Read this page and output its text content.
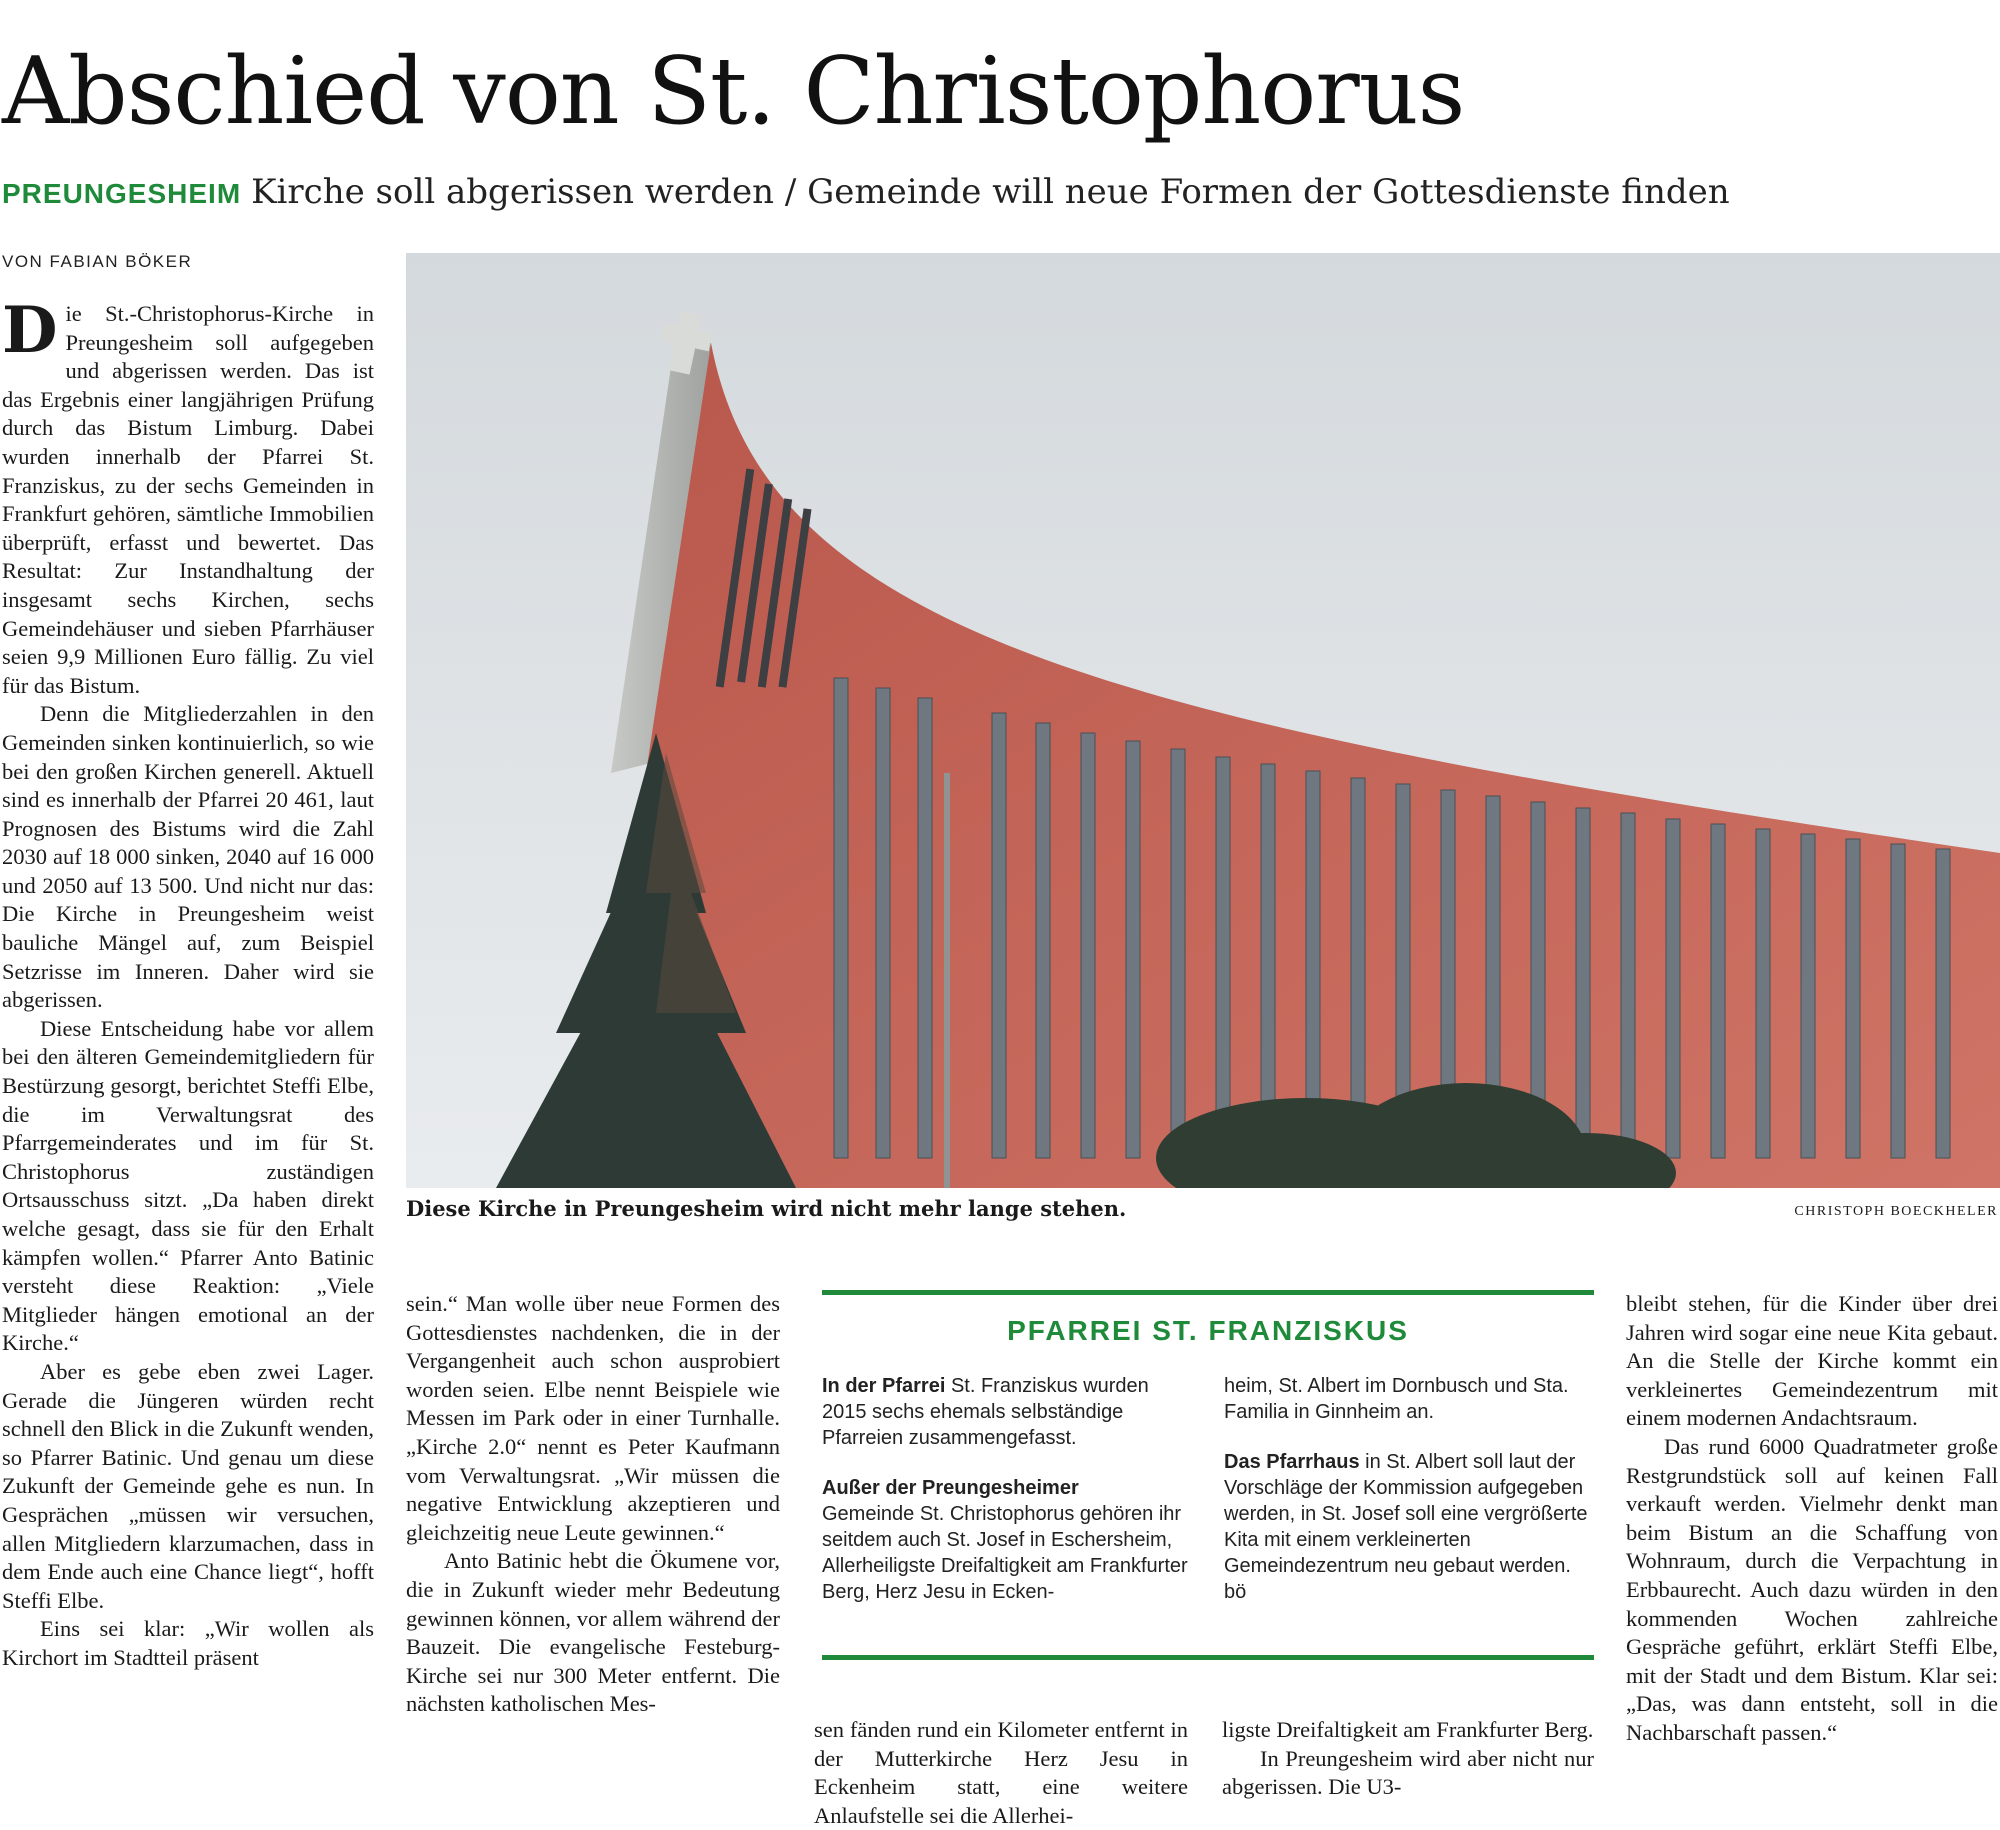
Abschied von St. Christophorus
PREUNGESHEIM Kirche soll abgerissen werden / Gemeinde will neue Formen der Gottesdienste finden
VON FABIAN BÖKER

Die St.-Christophorus-Kirche in Preungesheim soll aufgegeben und abgerissen werden. Das ist das Ergebnis einer langjährigen Prüfung durch das Bistum Limburg. Dabei wurden innerhalb der Pfarrei St. Franziskus, zu der sechs Gemeinden in Frankfurt gehören, sämtliche Immobilien überprüft, erfasst und bewertet. Das Resultat: Zur Instandhaltung der insgesamt sechs Kirchen, sechs Gemeindehäuser und sieben Pfarrhäuser seien 9,9 Millionen Euro fällig. Zu viel für das Bistum.

Denn die Mitgliederzahlen in den Gemeinden sinken kontinuierlich, so wie bei den großen Kirchen generell. Aktuell sind es innerhalb der Pfarrei 20 461, laut Prognosen des Bistums wird die Zahl 2030 auf 18 000 sinken, 2040 auf 16 000 und 2050 auf 13 500. Und nicht nur das: Die Kirche in Preungesheim weist bauliche Mängel auf, zum Beispiel Setzrisse im Inneren. Daher wird sie abgerissen.

Diese Entscheidung habe vor allem bei den älteren Gemeindemitgliedern für Bestürzung gesorgt, berichtet Steffi Elbe, die im Verwaltungsrat des Pfarrgemeinderates und im für St. Christophorus zuständigen Ortsausschuss sitzt. „Da haben direkt welche gesagt, dass sie für den Erhalt kämpfen wollen.“ Pfarrer Anto Batinic versteht diese Reaktion: „Viele Mitglieder hängen emotional an der Kirche.“

Aber es gebe eben zwei Lager. Gerade die Jüngeren würden recht schnell den Blick in die Zukunft wenden, so Pfarrer Batinic. Und genau um diese Zukunft der Gemeinde gehe es nun. In Gesprächen „müssen wir versuchen, allen Mitgliedern klarzumachen, dass in dem Ende auch eine Chance liegt“, hofft Steffi Elbe.

Eins sei klar: „Wir wollen als Kirchort im Stadtteil präsent

Diese Kirche in Preungesheim wird nicht mehr lange stehen.	CHRISTOPH BOECKHELER

sein.“ Man wolle über neue Formen des Gottesdienstes nachdenken, die in der Vergangenheit auch schon ausprobiert worden seien. Elbe nennt Beispiele wie Messen im Park oder in einer Turnhalle. „Kirche 2.0“ nennt es Peter Kaufmann vom Verwaltungsrat. „Wir müssen die negative Entwicklung akzeptieren und gleichzeitig neue Leute gewinnen.“

Anto Batinic hebt die Ökumene vor, die in Zukunft wieder mehr Bedeutung gewinnen können, vor allem während der Bauzeit. Die evangelische Festeburg-Kirche sei nur 300 Meter entfernt. Die nächsten katholischen Mes-

PFARREI ST. FRANZISKUS

In der Pfarrei St. Franziskus wurden 2015 sechs ehemals selbständige Pfarreien zusammengefasst.

Außer der Preungesheimer
Gemeinde St. Christophorus gehören ihr seitdem auch St. Josef in Eschersheim, Allerheiligste Dreifaltigkeit am Frankfurter Berg, Herz Jesu in Ecken-

heim, St. Albert im Dornbusch und Sta. Familia in Ginnheim an.

Das Pfarrhaus in St. Albert soll laut der Vorschläge der Kommission aufgegeben werden, in St. Josef soll eine vergrößerte Kita mit einem verkleinerten Gemeindezentrum neu gebaut werden. bö

sen fänden rund ein Kilometer entfernt in der Mutterkirche Herz Jesu in Eckenheim statt, eine weitere Anlaufstelle sei die Allerhei-

ligste Dreifaltigkeit am Frankfurter Berg.

In Preungesheim wird aber nicht nur abgerissen. Die U3-

bleibt stehen, für die Kinder über drei Jahren wird sogar eine neue Kita gebaut. An die Stelle der Kirche kommt ein verkleinertes Gemeindezentrum mit einem modernen Andachtsraum.

Das rund 6000 Quadratmeter große Restgrundstück soll auf keinen Fall verkauft werden. Vielmehr denkt man beim Bistum an die Schaffung von Wohnraum, durch die Verpachtung in Erbbaurecht. Auch dazu würden in den kommenden Wochen zahlreiche Gespräche geführt, erklärt Steffi Elbe, mit der Stadt und dem Bistum. Klar sei: „Das, was dann entsteht, soll in die Nachbarschaft passen.“
